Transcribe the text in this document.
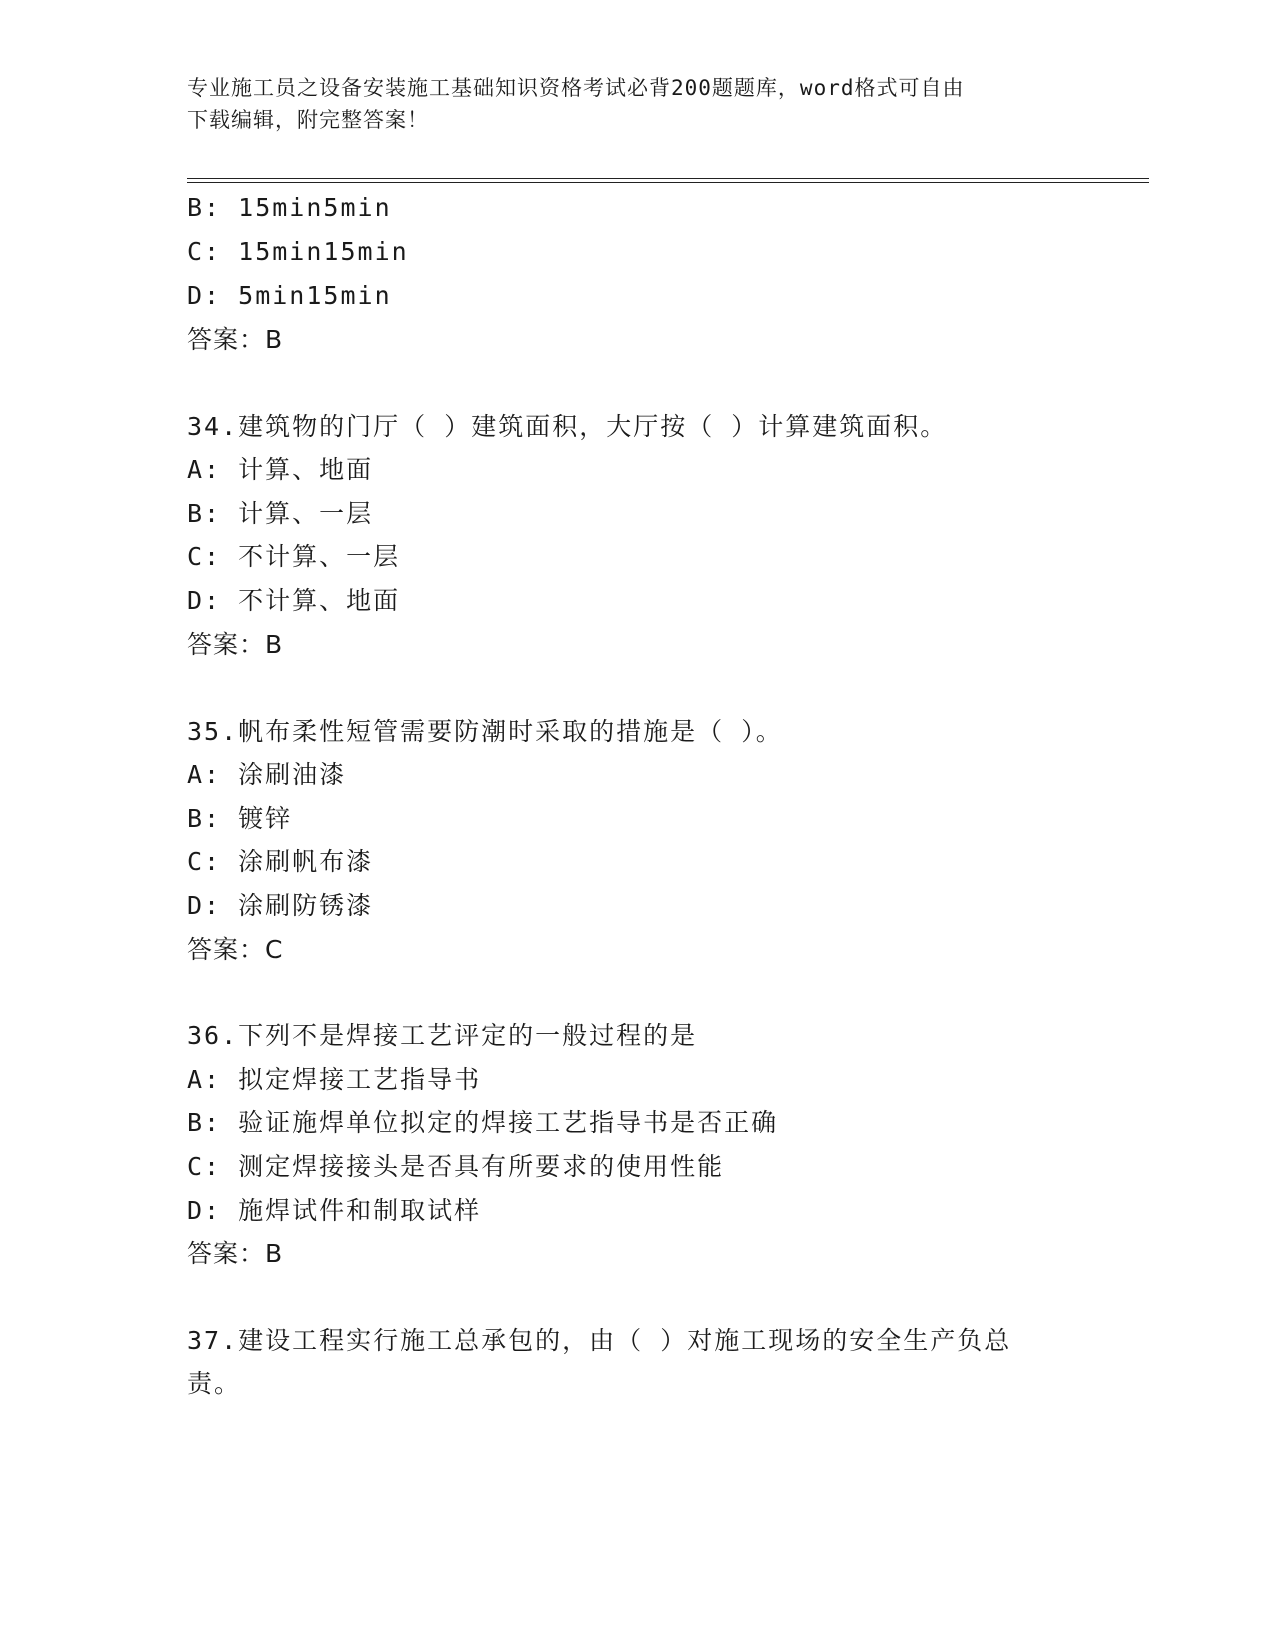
专业施工员之设备安装施工基础知识资格考试必背200题题库，word格式可自由
下载编辑，附完整答案！
B: 15min5min
C: 15min15min
D: 5min15min
答案：B
34.建筑物的门厅（ ）建筑面积，大厅按（ ）计算建筑面积。
A: 计算、地面
B: 计算、一层
C: 不计算、一层
D: 不计算、地面
答案：B
35.帆布柔性短管需要防潮时采取的措施是（ ）。
A: 涂刷油漆
B: 镀锌
C: 涂刷帆布漆
D: 涂刷防锈漆
答案：C
36.下列不是焊接工艺评定的一般过程的是
A: 拟定焊接工艺指导书
B: 验证施焊单位拟定的焊接工艺指导书是否正确
C: 测定焊接接头是否具有所要求的使用性能
D: 施焊试件和制取试样
答案：B
37.建设工程实行施工总承包的，由（ ）对施工现场的安全生产负总
责。
